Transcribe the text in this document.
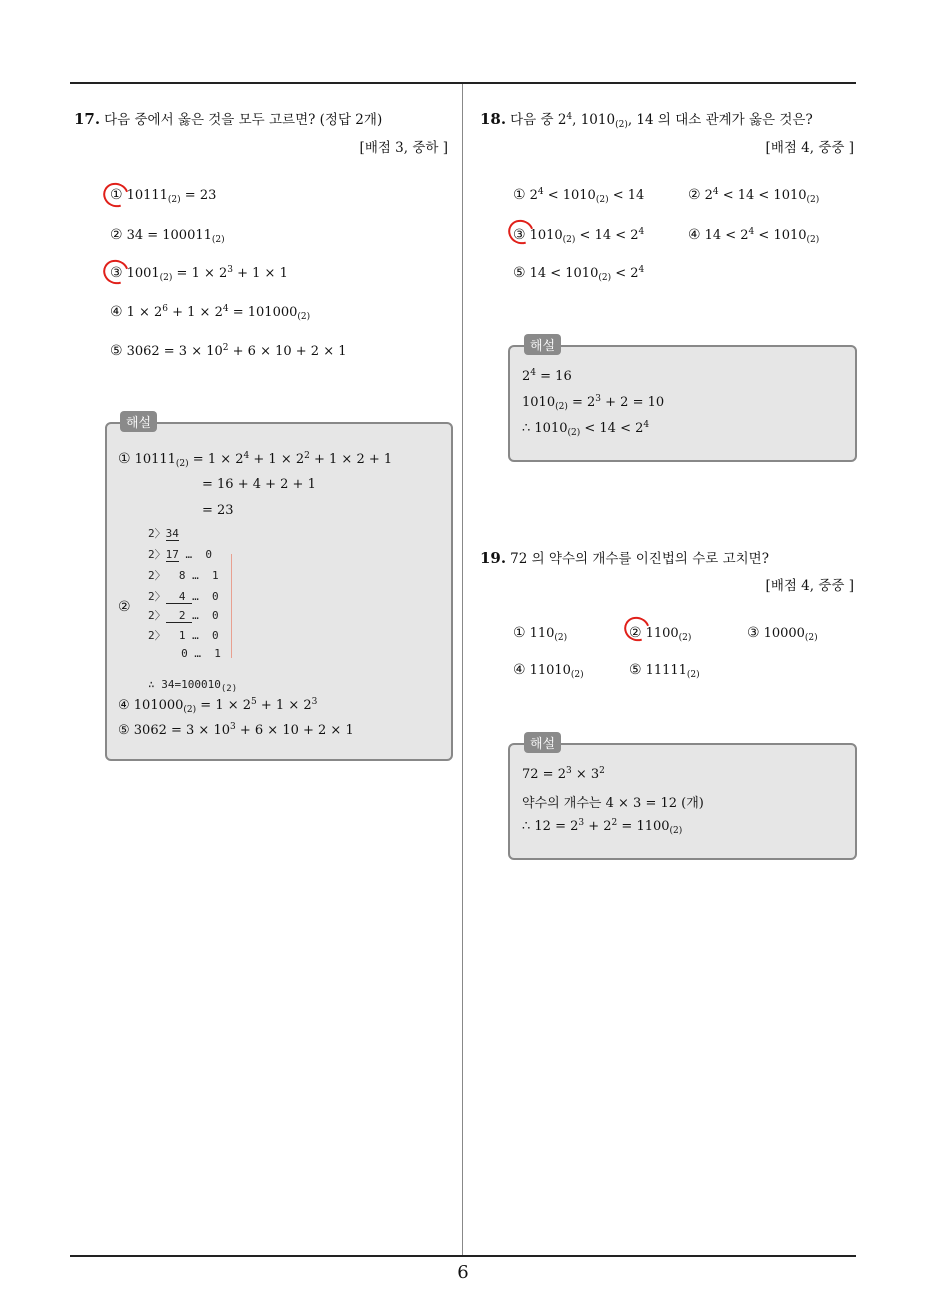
17. 다음 중에서 옳은 것을 모두 고르면? (정답 2개)
[배점 3, 중하 ]
① $10111_{(2)} = 23$
② $34 = 100011_{(2)}$
③ $1001_{(2)} = 1 \times 2^3 + 1 \times 1$
④ $1 \times 2^6 + 1 \times 2^4 = 101000_{(2)}$
⑤ $3062 = 3 \times 10^2 + 6 \times 10 + 2 \times 1$
해설
① $10111_{(2)} = 1 \times 2^4 + 1 \times 2^2 + 1 \times 2 + 1$
= 16 + 4 + 2 + 1
= 23
2〉34
2〉17 …  0
2〉  8 …  1
2〉  4 …  0
2〉  2 …  0
2〉  1 …  0
0 …  1
②
∴ $34=100010_{(2)}$
④ $101000_{(2)} = 1 \times 2^5 + 1 \times 2^3$
⑤ $3062 = 3 \times 10^3 + 6 \times 10 + 2 \times 1$
18. 다음 중 $2^4$, $1010_{(2)}$, 14 의 대소 관계가 옳은 것은?
[배점 4, 중중 ]
① $2^4 < 1010_{(2)} < 14$	② $2^4 < 14 < 1010_{(2)}$
③ $1010_{(2)} < 14 < 2^4$	④ $14 < 2^4 < 1010_{(2)}$
⑤ $14 < 1010_{(2)} < 2^4$
해설
$2^4 = 16$
$1010_{(2)} = 2^3 + 2 = 10$
∴ $1010_{(2)} < 14 < 2^4$
19. 72 의 약수의 개수를 이진법의 수로 고치면?
[배점 4, 중중 ]
① $110_{(2)}$	② $1100_{(2)}$	③ $10000_{(2)}$
④ $11010_{(2)}$	⑤ $11111_{(2)}$
해설
$72 = 2^3 \times 3^2$
약수의 개수는 4 × 3 = 12 (개)
∴ $12 = 2^3 + 2^2 = 1100_{(2)}$
6
